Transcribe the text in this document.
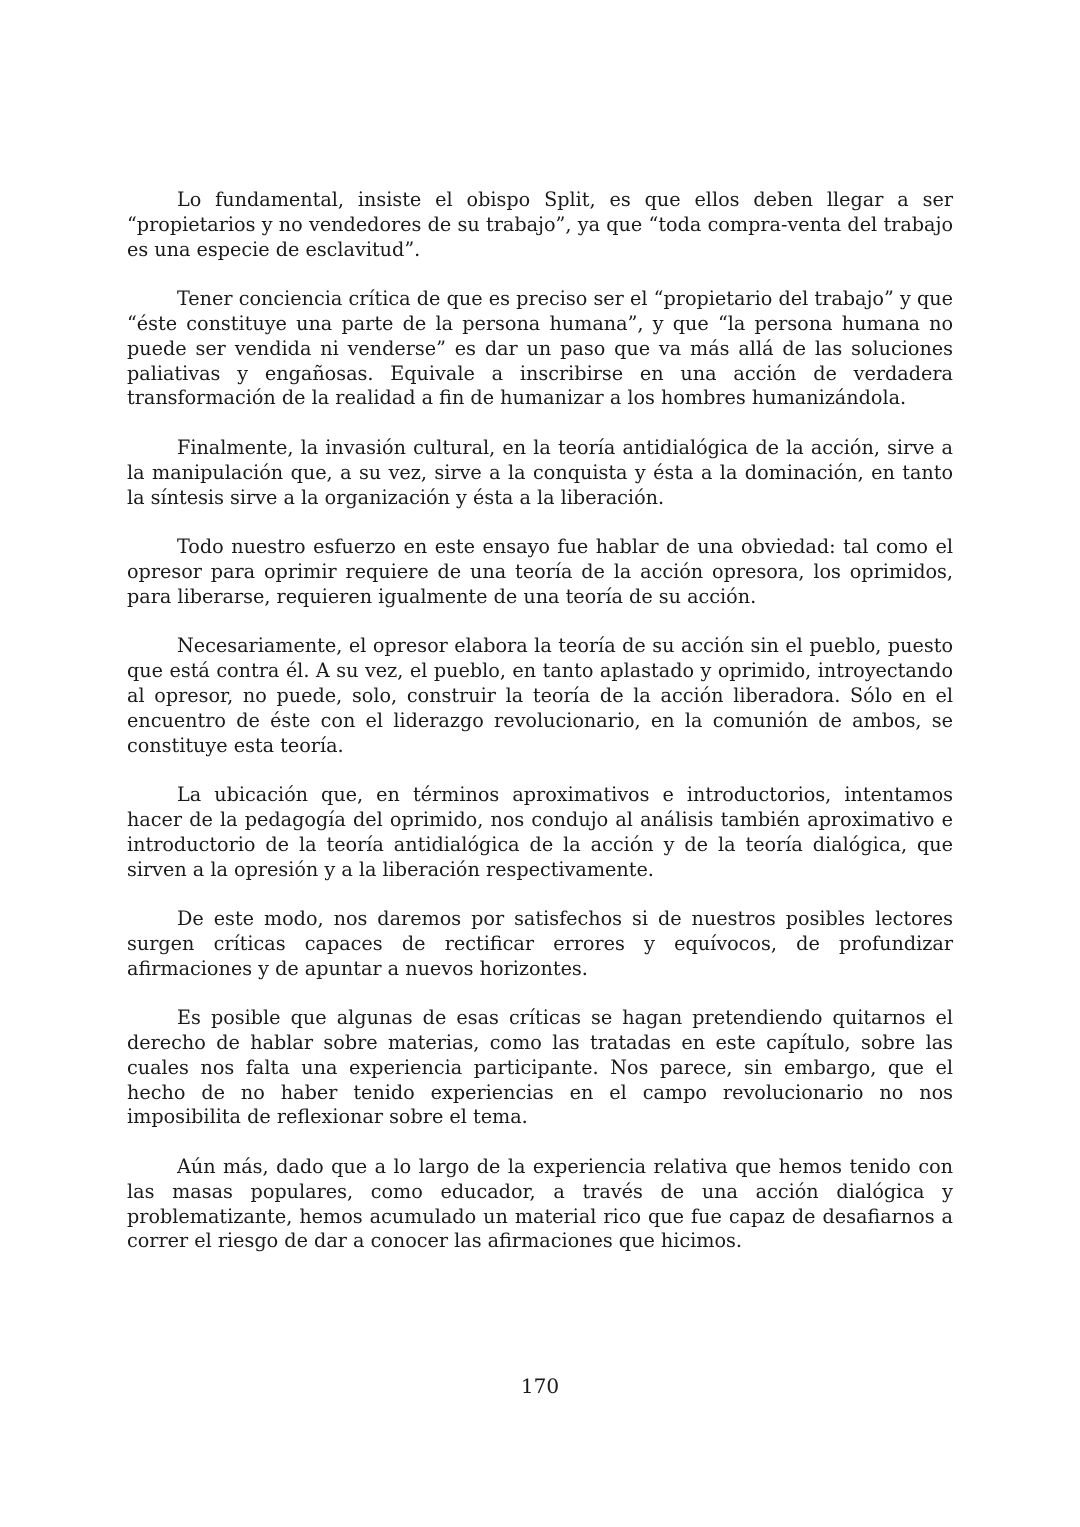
Lo fundamental, insiste el obispo Split, es que ellos deben llegar a ser “propietarios y no vendedores de su trabajo”, ya que “toda compra-venta del trabajo es una especie de esclavitud”.

Tener conciencia crítica de que es preciso ser el “propietario del trabajo” y que “éste constituye una parte de la persona humana”, y que “la persona humana no puede ser vendida ni venderse” es dar un paso que va más allá de las soluciones paliativas y engañosas. Equivale a inscribirse en una acción de verdadera transformación de la realidad a fin de humanizar a los hombres humanizándola.

Finalmente, la invasión cultural, en la teoría antidialógica de la acción, sirve a la manipulación que, a su vez, sirve a la conquista y ésta a la dominación, en tanto la síntesis sirve a la organización y ésta a la liberación.

Todo nuestro esfuerzo en este ensayo fue hablar de una obviedad: tal como el opresor para oprimir requiere de una teoría de la acción opresora, los oprimidos, para liberarse, requieren igualmente de una teoría de su acción.

Necesariamente, el opresor elabora la teoría de su acción sin el pueblo, puesto que está contra él. A su vez, el pueblo, en tanto aplastado y oprimido, introyectando al opresor, no puede, solo, construir la teoría de la acción liberadora. Sólo en el encuentro de éste con el liderazgo revolucionario, en la comunión de ambos, se constituye esta teoría.

La ubicación que, en términos aproximativos e introductorios, intentamos hacer de la pedagogía del oprimido, nos condujo al análisis también aproximativo e introductorio de la teoría antidialógica de la acción y de la teoría dialógica, que sirven a la opresión y a la liberación respectivamente.

De este modo, nos daremos por satisfechos si de nuestros posibles lectores surgen críticas capaces de rectificar errores y equívocos, de profundizar afirmaciones y de apuntar a nuevos horizontes.

Es posible que algunas de esas críticas se hagan pretendiendo quitarnos el derecho de hablar sobre materias, como las tratadas en este capítulo, sobre las cuales nos falta una experiencia participante. Nos parece, sin embargo, que el hecho de no haber tenido experiencias en el campo revolucionario no nos imposibilita de reflexionar sobre el tema.

Aún más, dado que a lo largo de la experiencia relativa que hemos tenido con las masas populares, como educador, a través de una acción dialógica y problematizante, hemos acumulado un material rico que fue capaz de desafiarnos a correr el riesgo de dar a conocer las afirmaciones que hicimos.

170
